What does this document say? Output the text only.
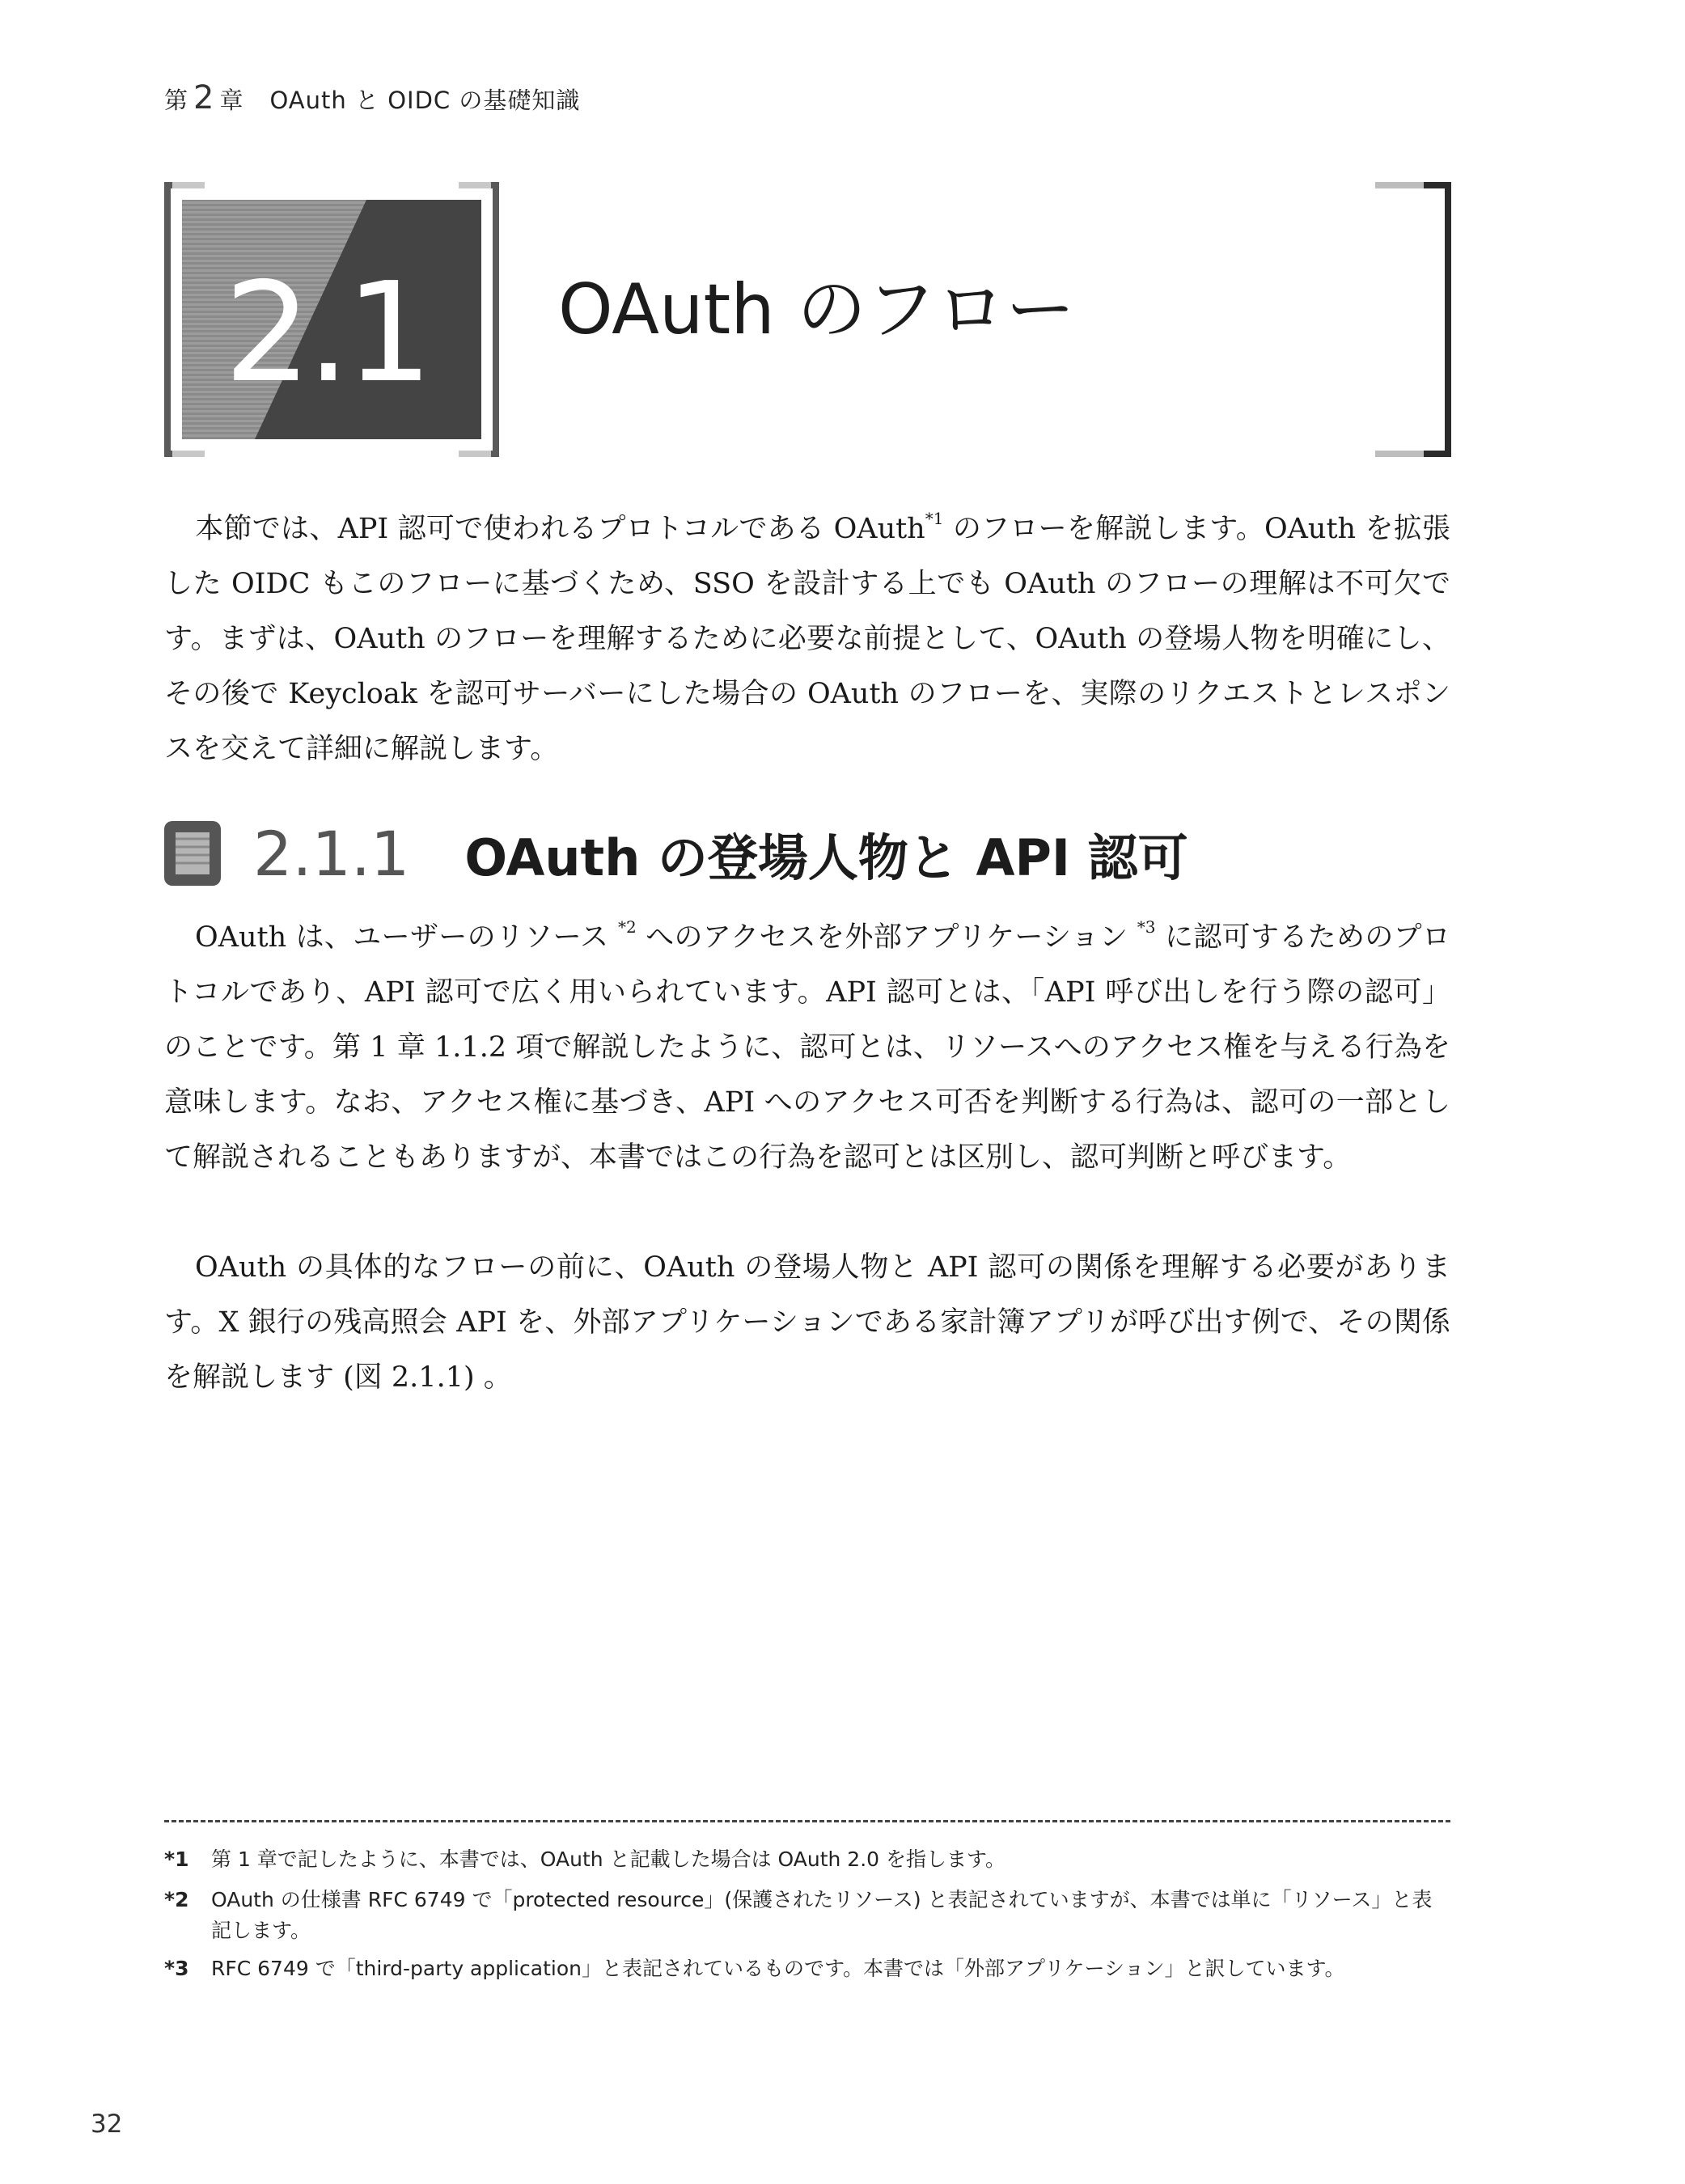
第 2 章 OAuth と OIDC の基礎知識
2.1 OAuth のフロー

本節では、API 認可で使われるプロトコルである OAuth$^{*1}$ のフローを解説します。OAuth を拡張した OIDC もこのフローに基づくため、SSO を設計する上でも OAuth のフローの理解は不可欠です。まずは、OAuth のフローを理解するために必要な前提として、OAuth の登場人物を明確にし、その後で Keycloak を認可サーバーにした場合の OAuth のフローを、実際のリクエストとレスポンスを交えて詳細に解説します。

2.1.1 OAuth の登場人物と API 認可

OAuth は、ユーザーのリソース $^{*2}$ へのアクセスを外部アプリケーション $^{*3}$ に認可するためのプロトコルであり、API 認可で広く用いられています。API 認可とは、「API 呼び出しを行う際の認可」のことです。第 1 章 1.1.2 項で解説したように、認可とは、リソースへのアクセス権を与える行為を意味します。なお、アクセス権に基づき、API へのアクセス可否を判断する行為は、認可の一部として解説されることもありますが、本書ではこの行為を認可とは区別し、認可判断と呼びます。

OAuth の具体的なフローの前に、OAuth の登場人物と API 認可の関係を理解する必要があります。X 銀行の残高照会 API を、外部アプリケーションである家計簿アプリが呼び出す例で、その関係を解説します (図 2.1.1) 。

*1	第 1 章で記したように、本書では、OAuth と記載した場合は OAuth 2.0 を指します。
*2	OAuth の仕様書 RFC 6749 で「protected resource」(保護されたリソース) と表記されていますが、本書では単に「リソース」と表記します。
*3	RFC 6749 で「third-party application」と表記されているものです。本書では「外部アプリケーション」と訳しています。
32
